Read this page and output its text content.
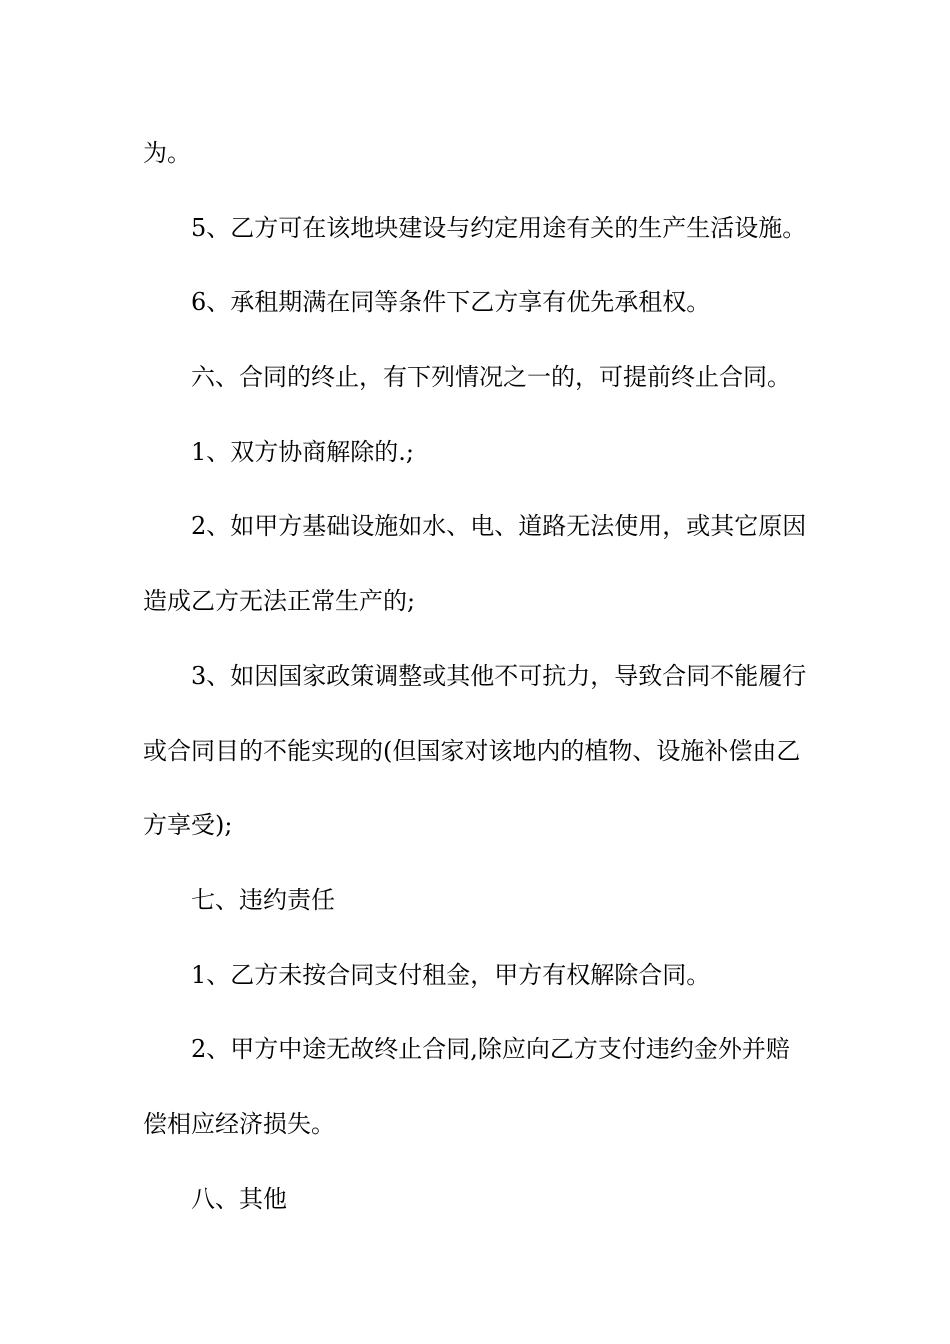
为。
5、乙方可在该地块建设与约定用途有关的生产生活设施。
6、承租期满在同等条件下乙方享有优先承租权。
六、合同的终止，有下列情况之一的，可提前终止合同。
1、双方协商解除的.;
2、如甲方基础设施如水、电、道路无法使用，或其它原因
造成乙方无法正常生产的;
3、如因国家政策调整或其他不可抗力，导致合同不能履行
或合同目的不能实现的(但国家对该地内的植物、设施补偿由乙
方享受);
七、违约责任
1、乙方未按合同支付租金，甲方有权解除合同。
2、甲方中途无故终止合同,除应向乙方支付违约金外并赔
偿相应经济损失。
八、其他
